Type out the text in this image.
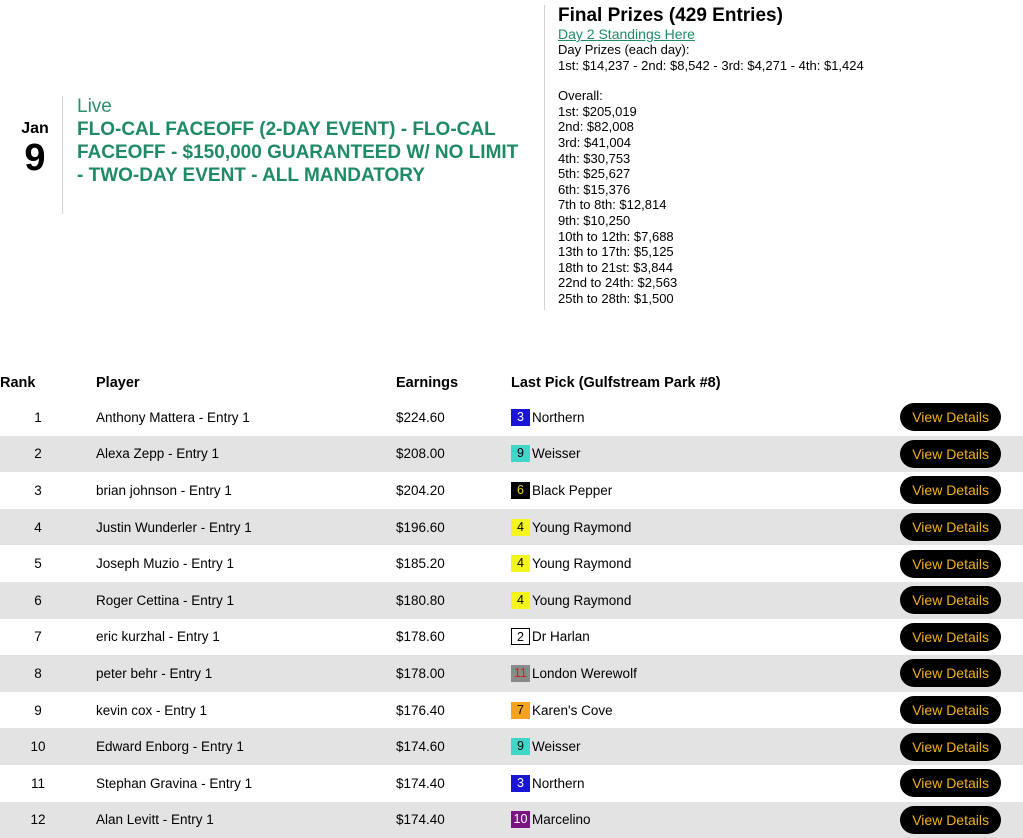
Jan
9
Live
FLO-CAL FACEOFF (2-DAY EVENT) - FLO-CAL FACEOFF - $150,000 GUARANTEED W/ NO LIMIT - TWO-DAY EVENT - ALL MANDATORY
Final Prizes (429 Entries)
Day 2 Standings Here
Day Prizes (each day):
1st: $14,237 - 2nd: $8,542 - 3rd: $4,271 - 4th: $1,424
Overall:
1st: $205,019
2nd: $82,008
3rd: $41,004
4th: $30,753
5th: $25,627
6th: $15,376
7th to 8th: $12,814
9th: $10,250
10th to 12th: $7,688
13th to 17th: $5,125
18th to 21st: $3,844
22nd to 24th: $2,563
25th to 28th: $1,500
Rank	Player	Earnings	Last Pick (Gulfstream Park #8)	
1	Anthony Mattera - Entry 1	$224.60	3 Northern	View Details
2	Alexa Zepp - Entry 1	$208.00	9 Weisser	View Details
3	brian johnson - Entry 1	$204.20	6 Black Pepper	View Details
4	Justin Wunderler - Entry 1	$196.60	4 Young Raymond	View Details
5	Joseph Muzio - Entry 1	$185.20	4 Young Raymond	View Details
6	Roger Cettina - Entry 1	$180.80	4 Young Raymond	View Details
7	eric kurzhal - Entry 1	$178.60	2 Dr Harlan	View Details
8	peter behr - Entry 1	$178.00	11 London Werewolf	View Details
9	kevin cox - Entry 1	$176.40	7 Karen's Cove	View Details
10	Edward Enborg - Entry 1	$174.60	9 Weisser	View Details
11	Stephan Gravina - Entry 1	$174.40	3 Northern	View Details
12	Alan Levitt - Entry 1	$174.40	10 Marcelino	View Details
